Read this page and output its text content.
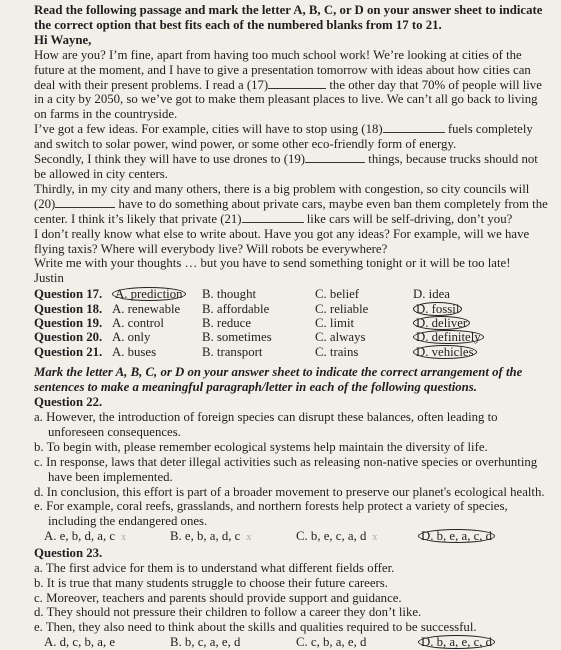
Read the following passage and mark the letter A, B, C, or D on your answer sheet to indicate the correct option that best fits each of the numbered blanks from 17 to 21.

Hi Wayne,

How are you? I’m fine, apart from having too much school work! We’re looking at cities of the future at the moment, and I have to give a presentation tomorrow with ideas about how cities can deal with their present problems. I read a (17)	the other day that 70% of people will live in a city by 2050, so we’ve got to make them pleasant places to live. We can’t all go back to living on farms in the countryside.

I’ve got a few ideas. For example, cities will have to stop using (18)	fuels completely and switch to solar power, wind power, or some other eco-friendly form of energy.

Secondly, I think they will have to use drones to (19)	things, because trucks should not be allowed in city centers.

Thirdly, in my city and many others, there is a big problem with congestion, so city councils will (20)	have to do something about private cars, maybe even ban them completely from the center. I think it’s likely that private (21)	like cars will be self-driving, don’t you?

I don’t really know what else to write about. Have you got any ideas? For example, will we have flying taxis? Where will everybody live? Will robots be everywhere?

Write me with your thoughts … but you have to send something tonight or it will be too late!

Justin

Question 17. A. prediction	B. thought	C. belief	D. idea
Question 18. A. renewable	B. affordable	C. reliable	D. fossil
Question 19. A. control	B. reduce	C. limit	D. deliver
Question 20. A. only	B. sometimes	C. always	D. definitely
Question 21. A. buses	B. transport	C. trains	D. vehicles

Mark the letter A, B, C, or D on your answer sheet to indicate the correct arrangement of the sentences to make a meaningful paragraph/letter in each of the following questions.

Question 22.

a. However, the introduction of foreign species can disrupt these balances, often leading to unforeseen consequences.

b. To begin with, please remember ecological systems help maintain the diversity of life.

c. In response, laws that deter illegal activities such as releasing non-native species or overhunting have been implemented.

d. In conclusion, this effort is part of a broader movement to preserve our planet's ecological health.

e. For example, coral reefs, grasslands, and northern forests help protect a variety of species, including the endangered ones.

A. e, b, d, a, c x	B. e, b, a, d, c x	C. b, e, c, a, d x	D. b, e, a, c, d

Question 23.

a. The first advice for them is to understand what different fields offer.

b. It is true that many students struggle to choose their future careers.

c. Moreover, teachers and parents should provide support and guidance.

d. They should not pressure their children to follow a career they don’t like.

e. Then, they also need to think about the skills and qualities required to be successful.

A. d, c, b, a, e	B. b, c, a, e, d	C. c, b, a, e, d	D. b, a, e, c, d
